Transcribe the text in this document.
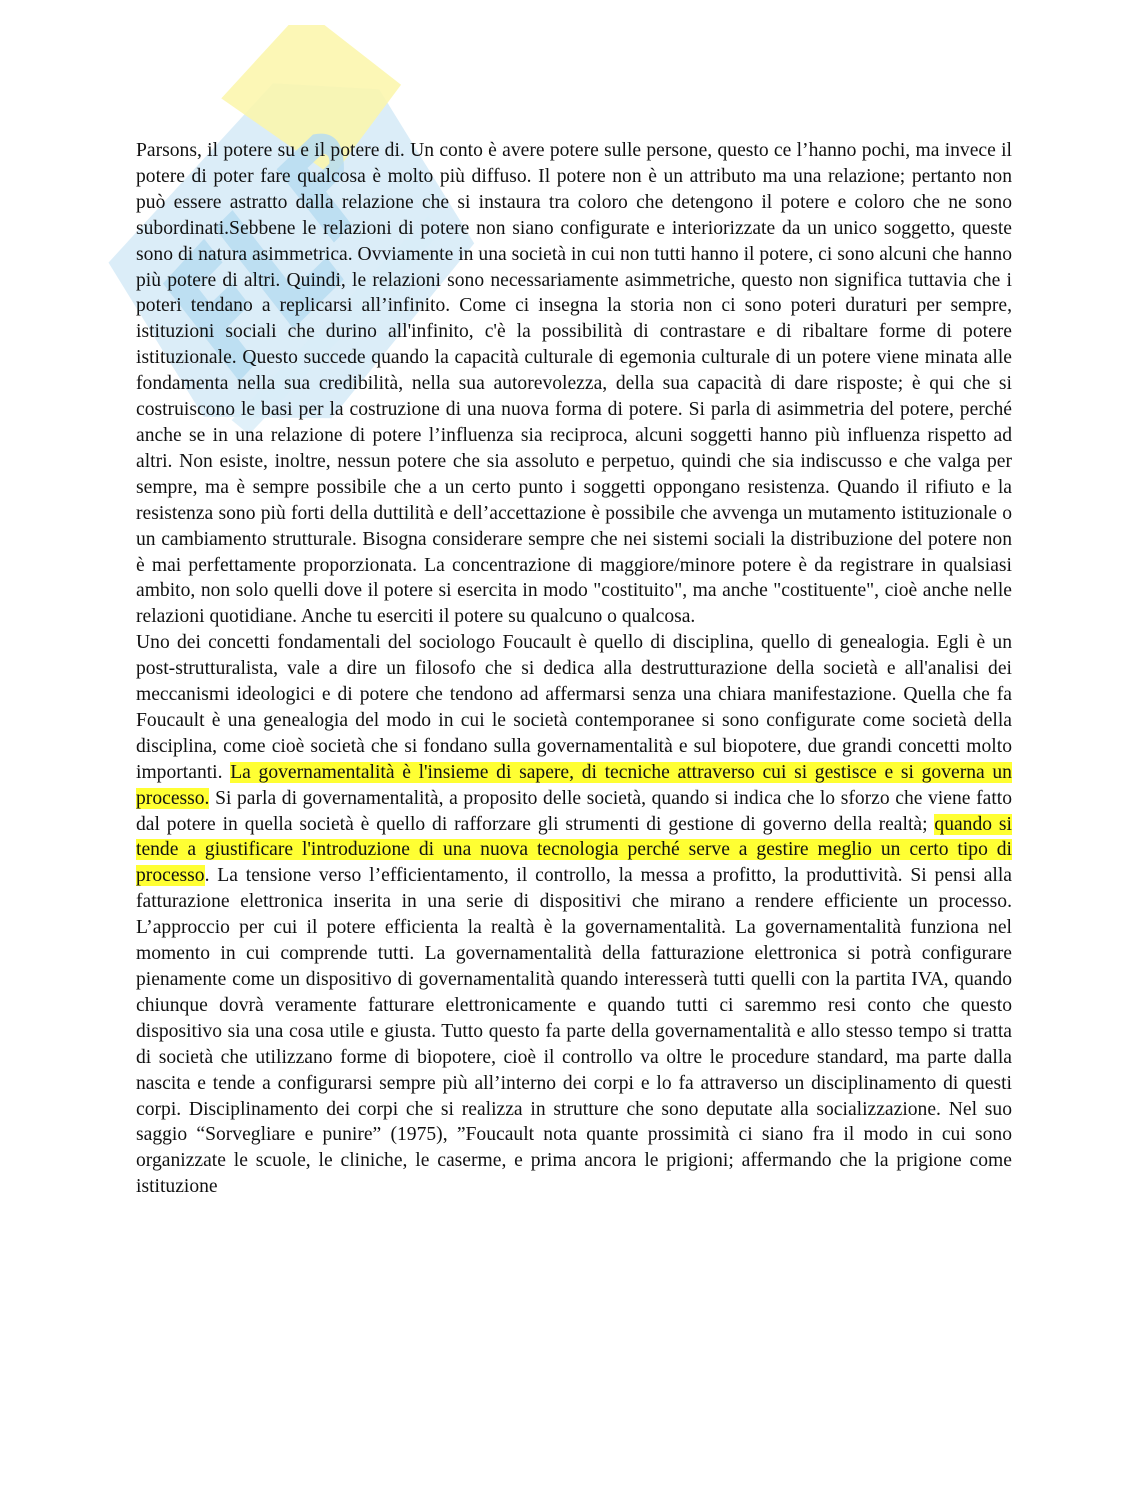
Parsons, il potere su e il potere di. Un conto è avere potere sulle persone, questo ce l’hanno pochi, ma invece il potere di poter fare qualcosa è molto più diffuso. Il potere non è un attributo ma una relazione; pertanto non può essere astratto dalla relazione che si instaura tra coloro che detengono il potere e coloro che ne sono subordinati.Sebbene le relazioni di potere non siano configurate e interiorizzate da un unico soggetto, queste sono di natura asimmetrica. Ovviamente in una società in cui non tutti hanno il potere, ci sono alcuni che hanno più potere di altri. Quindi, le relazioni sono necessariamente asimmetriche, questo non significa tuttavia che i poteri tendano a replicarsi all’infinito. Come ci insegna la storia non ci sono poteri duraturi per sempre, istituzioni sociali che durino all'infinito, c'è la possibilità di contrastare e di ribaltare forme di potere istituzionale. Questo succede quando la capacità culturale di egemonia culturale di un potere viene minata alle fondamenta nella sua credibilità, nella sua autorevolezza, della sua capacità di dare risposte; è qui che si costruiscono le basi per la costruzione di una nuova forma di potere. Si parla di asimmetria del potere, perché anche se in una relazione di potere l’influenza sia reciproca, alcuni soggetti hanno più influenza rispetto ad altri. Non esiste, inoltre, nessun potere che sia assoluto e perpetuo, quindi che sia indiscusso e che valga per sempre, ma è sempre possibile che a un certo punto i soggetti oppongano resistenza. Quando il rifiuto e la resistenza sono più forti della duttilità e dell’accettazione è possibile che avvenga un mutamento istituzionale o un cambiamento strutturale. Bisogna considerare sempre che nei sistemi sociali la distribuzione del potere non è mai perfettamente proporzionata. La concentrazione di maggiore/minore potere è da registrare in qualsiasi ambito, non solo quelli dove il potere si esercita in modo "costituito", ma anche "costituente", cioè anche nelle relazioni quotidiane. Anche tu eserciti il potere su qualcuno o qualcosa.

Uno dei concetti fondamentali del sociologo Foucault è quello di disciplina, quello di genealogia. Egli è un post-strutturalista, vale a dire un filosofo che si dedica alla destrutturazione della società e all'analisi dei meccanismi ideologici e di potere che tendono ad affermarsi senza una chiara manifestazione. Quella che fa Foucault è una genealogia del modo in cui le società contemporanee si sono configurate come società della disciplina, come cioè società che si fondano sulla governamentalità e sul biopotere, due grandi concetti molto importanti. La governamentalità è l'insieme di sapere, di tecniche attraverso cui si gestisce e si governa un processo. Si parla di governamentalità, a proposito delle società, quando si indica che lo sforzo che viene fatto dal potere in quella società è quello di rafforzare gli strumenti di gestione di governo della realtà; quando si tende a giustificare l'introduzione di una nuova tecnologia perché serve a gestire meglio un certo tipo di processo. La tensione verso l’efficientamento, il controllo, la messa a profitto, la produttività. Si pensi alla fatturazione elettronica inserita in una serie di dispositivi che mirano a rendere efficiente un processo. L’approccio per cui il potere efficienta la realtà è la governamentalità. La governamentalità funziona nel momento in cui comprende tutti. La governamentalità della fatturazione elettronica si potrà configurare pienamente come un dispositivo di governamentalità quando interesserà tutti quelli con la partita IVA, quando chiunque dovrà veramente fatturare elettronicamente e quando tutti ci saremmo resi conto che questo dispositivo sia una cosa utile e giusta. Tutto questo fa parte della governamentalità e allo stesso tempo si tratta di società che utilizzano forme di biopotere, cioè il controllo va oltre le procedure standard, ma parte dalla nascita e tende a configurarsi sempre più all’interno dei corpi e lo fa attraverso un disciplinamento di questi corpi. Disciplinamento dei corpi che si realizza in strutture che sono deputate alla socializzazione. Nel suo saggio “Sorvegliare e punire” (1975), ”Foucault nota quante prossimità ci siano fra il modo in cui sono organizzate le scuole, le cliniche, le caserme, e prima ancora le prigioni; affermando che la prigione come istituzione
